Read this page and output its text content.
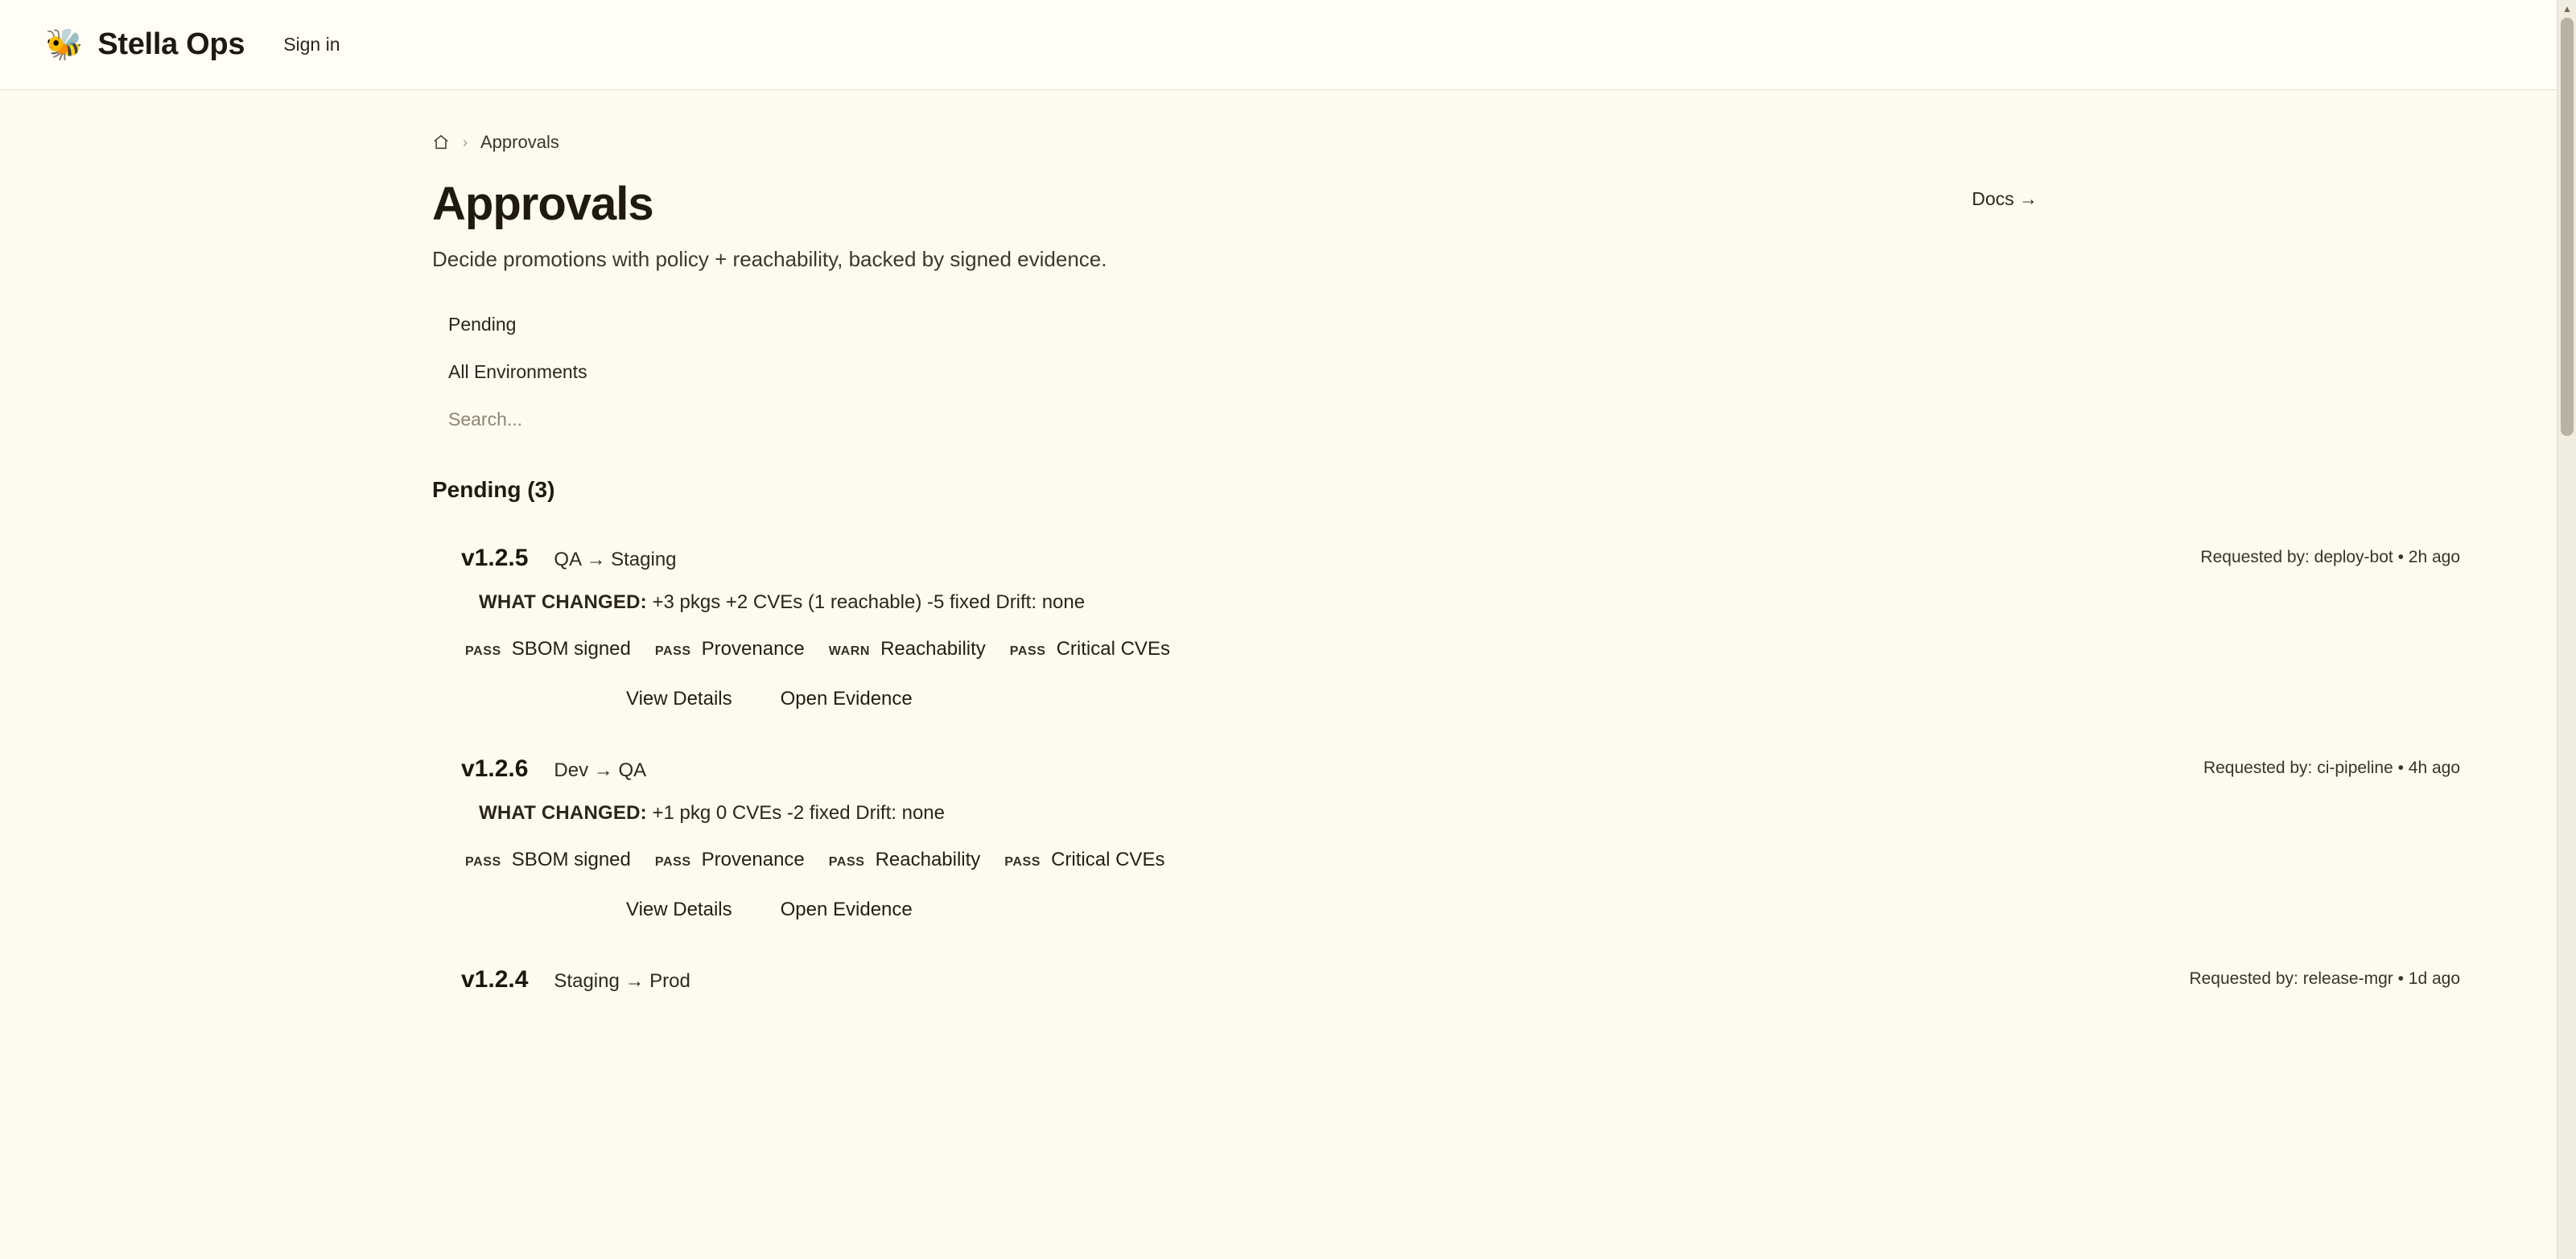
🐝 Stella Ops	Sign in
› Approvals
Approvals	Docs →
Decide promotions with policy + reachability, backed by signed evidence.
Pending
All Environments
Search...
Pending (3)
v1.2.5 QA → Staging	Requested by: deploy-bot • 2h ago
WHAT CHANGED: +3 pkgs +2 CVEs (1 reachable) -5 fixed Drift: none
PASS SBOM signed PASS Provenance WARN Reachability PASS Critical CVEs
View Details	Open Evidence
v1.2.6 Dev → QA	Requested by: ci-pipeline • 4h ago
WHAT CHANGED: +1 pkg 0 CVEs -2 fixed Drift: none
PASS SBOM signed PASS Provenance PASS Reachability PASS Critical CVEs
View Details	Open Evidence
v1.2.4 Staging → Prod	Requested by: release-mgr • 1d ago
▲
